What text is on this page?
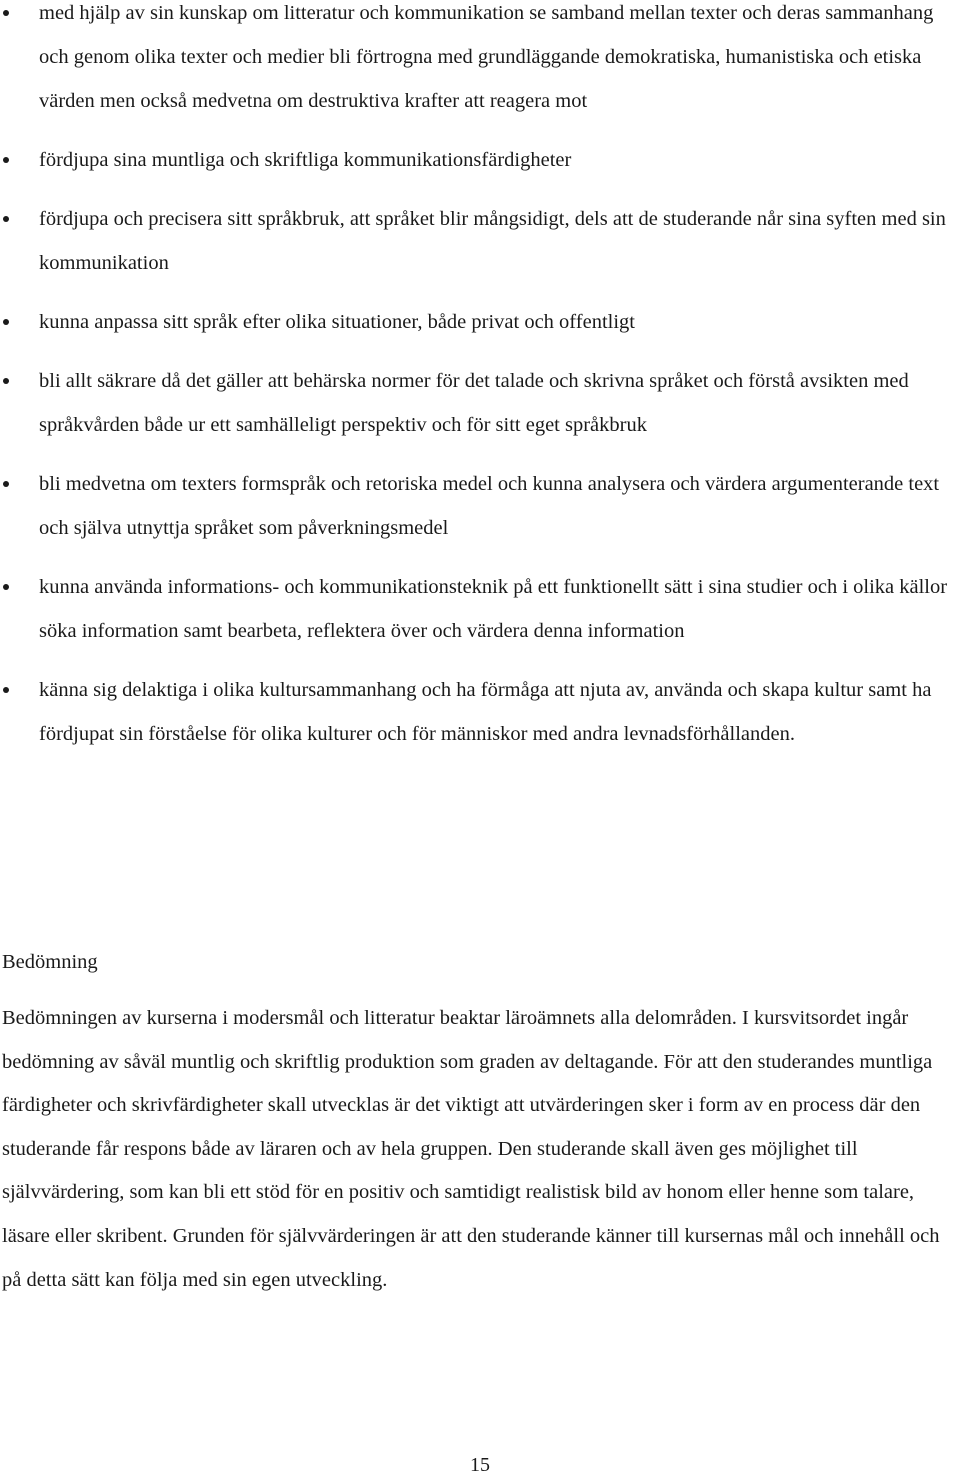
med hjälp av sin kunskap om litteratur och kommunikation se samband mellan texter och deras sammanhang och genom olika texter och medier bli förtrogna med grundläggande demokratiska, humanistiska och etiska värden men också medvetna om destruktiva krafter att reagera mot
fördjupa sina muntliga och skriftliga kommunikationsfärdigheter
fördjupa och precisera sitt språkbruk, att språket blir mångsidigt, dels att de studerande når sina syften med sin kommunikation
kunna anpassa sitt språk efter olika situationer, både privat och offentligt
bli allt säkrare då det gäller att behärska normer för det talade och skrivna språket och förstå avsikten med språkvården både ur ett samhälleligt perspektiv och för sitt eget språkbruk
bli medvetna om texters formspråk och retoriska medel och kunna analysera och värdera argumenterande text och själva utnyttja språket som påverkningsmedel
kunna använda informations- och kommunikationsteknik på ett funktionellt sätt i sina studier och i olika källor söka information samt bearbeta, reflektera över och värdera denna information
känna sig delaktiga i olika kultursammanhang och ha förmåga att njuta av, använda och skapa kultur samt ha fördjupat sin förståelse för olika kulturer och för människor med andra levnadsförhållanden.
Bedömning

Bedömningen av kurserna i modersmål och litteratur beaktar läroämnets alla delområden. I kursvitsordet ingår bedömning av såväl muntlig och skriftlig produktion som graden av deltagande. För att den studerandes muntliga färdigheter och skrivfärdigheter skall utvecklas är det viktigt att utvärderingen sker i form av en process där den studerande får respons både av läraren och av hela gruppen. Den studerande skall även ges möjlighet till självvärdering, som kan bli ett stöd för en positiv och samtidigt realistisk bild av honom eller henne som talare, läsare eller skribent. Grunden för självvärderingen är att den studerande känner till kursernas mål och innehåll och på detta sätt kan följa med sin egen utveckling.

15
